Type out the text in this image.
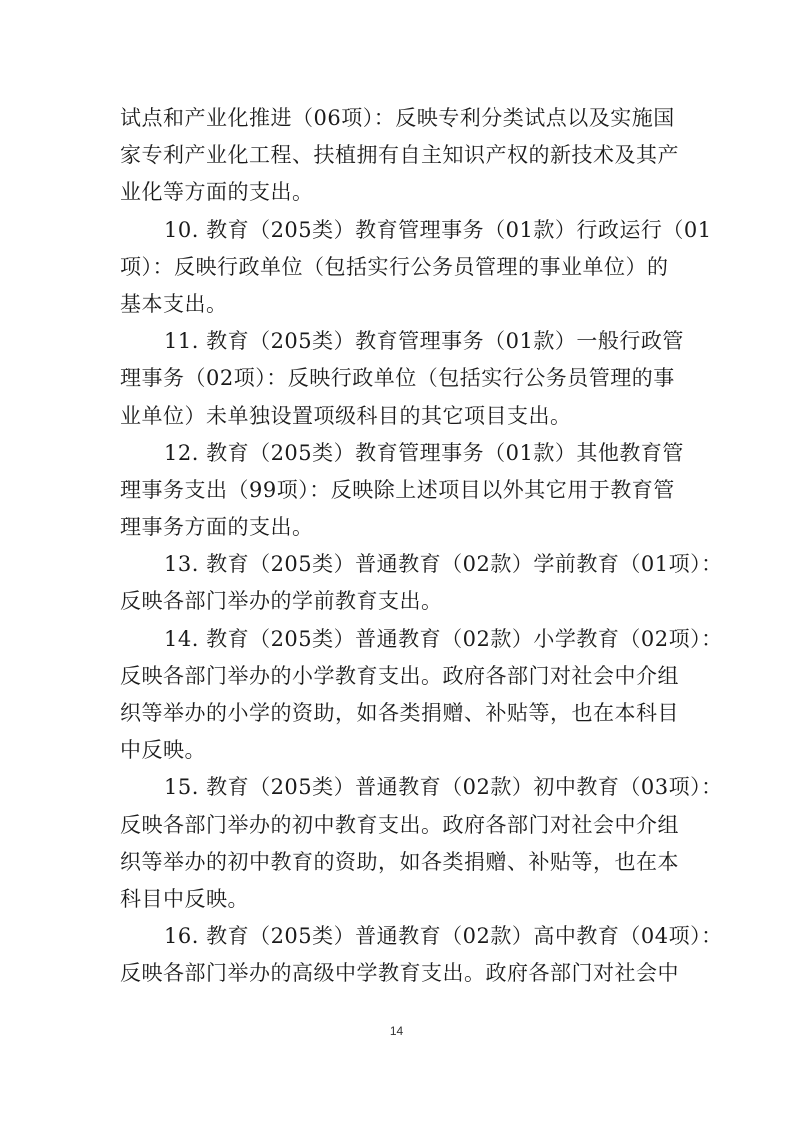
试点和产业化推进（06项）：反映专利分类试点以及实施国
家专利产业化工程、扶植拥有自主知识产权的新技术及其产
业化等方面的支出。
10. 教育（205类）教育管理事务（01款）行政运行（01
项）：反映行政单位（包括实行公务员管理的事业单位）的
基本支出。
11. 教育（205类）教育管理事务（01款）一般行政管
理事务（02项）：反映行政单位（包括实行公务员管理的事
业单位）未单独设置项级科目的其它项目支出。
12. 教育（205类）教育管理事务（01款）其他教育管
理事务支出（99项）：反映除上述项目以外其它用于教育管
理事务方面的支出。
13. 教育（205类）普通教育（02款）学前教育（01项）：
反映各部门举办的学前教育支出。
14. 教育（205类）普通教育（02款）小学教育（02项）：
反映各部门举办的小学教育支出。政府各部门对社会中介组
织等举办的小学的资助，如各类捐赠、补贴等，也在本科目
中反映。
15. 教育（205类）普通教育（02款）初中教育（03项）：
反映各部门举办的初中教育支出。政府各部门对社会中介组
织等举办的初中教育的资助，如各类捐赠、补贴等，也在本
科目中反映。
16. 教育（205类）普通教育（02款）高中教育（04项）：
反映各部门举办的高级中学教育支出。政府各部门对社会中
14
